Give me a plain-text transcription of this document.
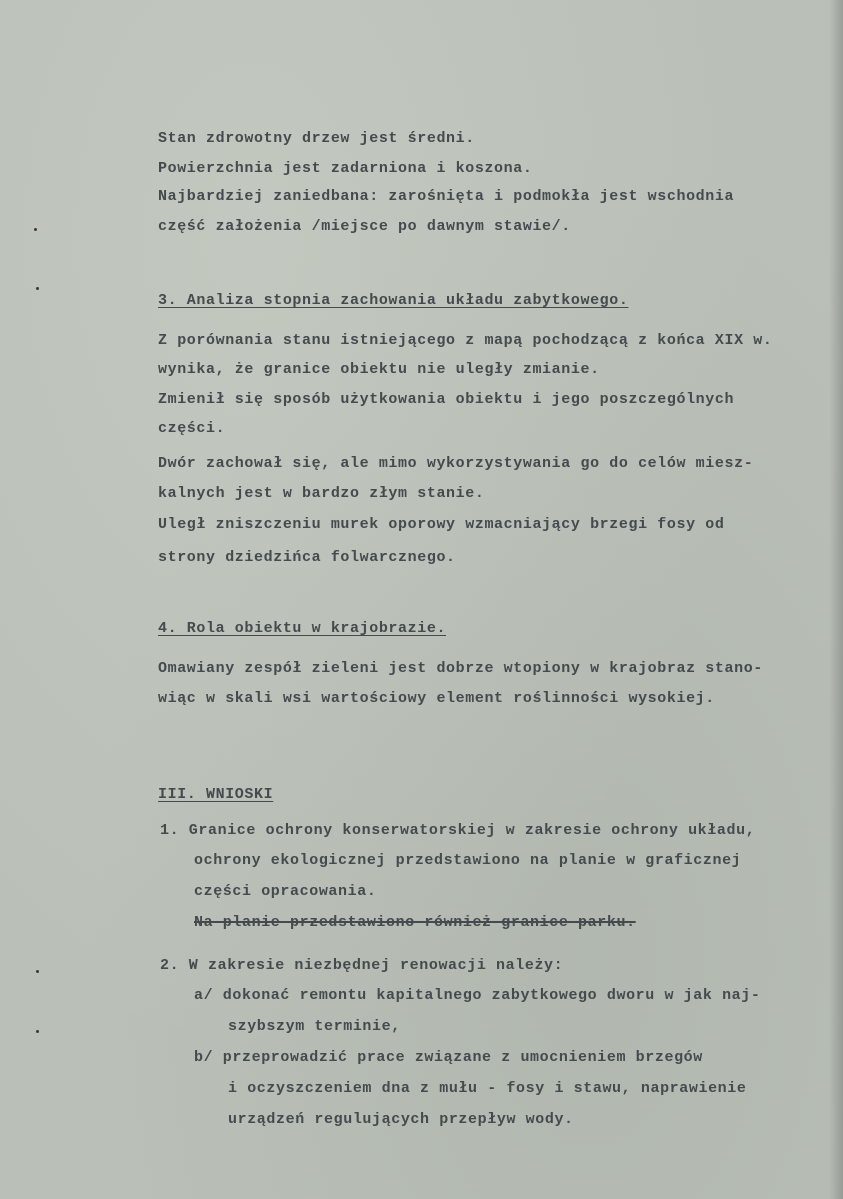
Stan zdrowotny drzew jest średni.
Powierzchnia jest zadarniona i koszona.
Najbardziej zaniedbana: zarośnięta i podmokła jest wschodnia
część założenia /miejsce po dawnym stawie/.
3. Analiza stopnia zachowania układu zabytkowego.
Z porównania stanu istniejącego z mapą pochodzącą z końca XIX w.
wynika, że granice obiektu nie uległy zmianie.
Zmienił się sposób użytkowania obiektu i jego poszczególnych
części.
Dwór zachował się, ale mimo wykorzystywania go do celów miesz-
kalnych jest w bardzo złym stanie.
Uległ zniszczeniu murek oporowy wzmacniający brzegi fosy od
strony dziedzińca folwarcznego.
4. Rola obiektu w krajobrazie.
Omawiany zespół zieleni jest dobrze wtopiony w krajobraz stano-
wiąc w skali wsi wartościowy element roślinności wysokiej.
III. WNIOSKI
1. Granice ochrony konserwatorskiej w zakresie ochrony układu,
ochrony ekologicznej przedstawiono na planie w graficznej
części opracowania.
Na planie przedstawiono również granice parku.
2. W zakresie niezbędnej renowacji należy:
a/ dokonać remontu kapitalnego zabytkowego dworu w jak naj-
szybszym terminie,
b/ przeprowadzić prace związane z umocnieniem brzegów
i oczyszczeniem dna z mułu - fosy i stawu, naprawienie
urządzeń regulujących przepływ wody.
